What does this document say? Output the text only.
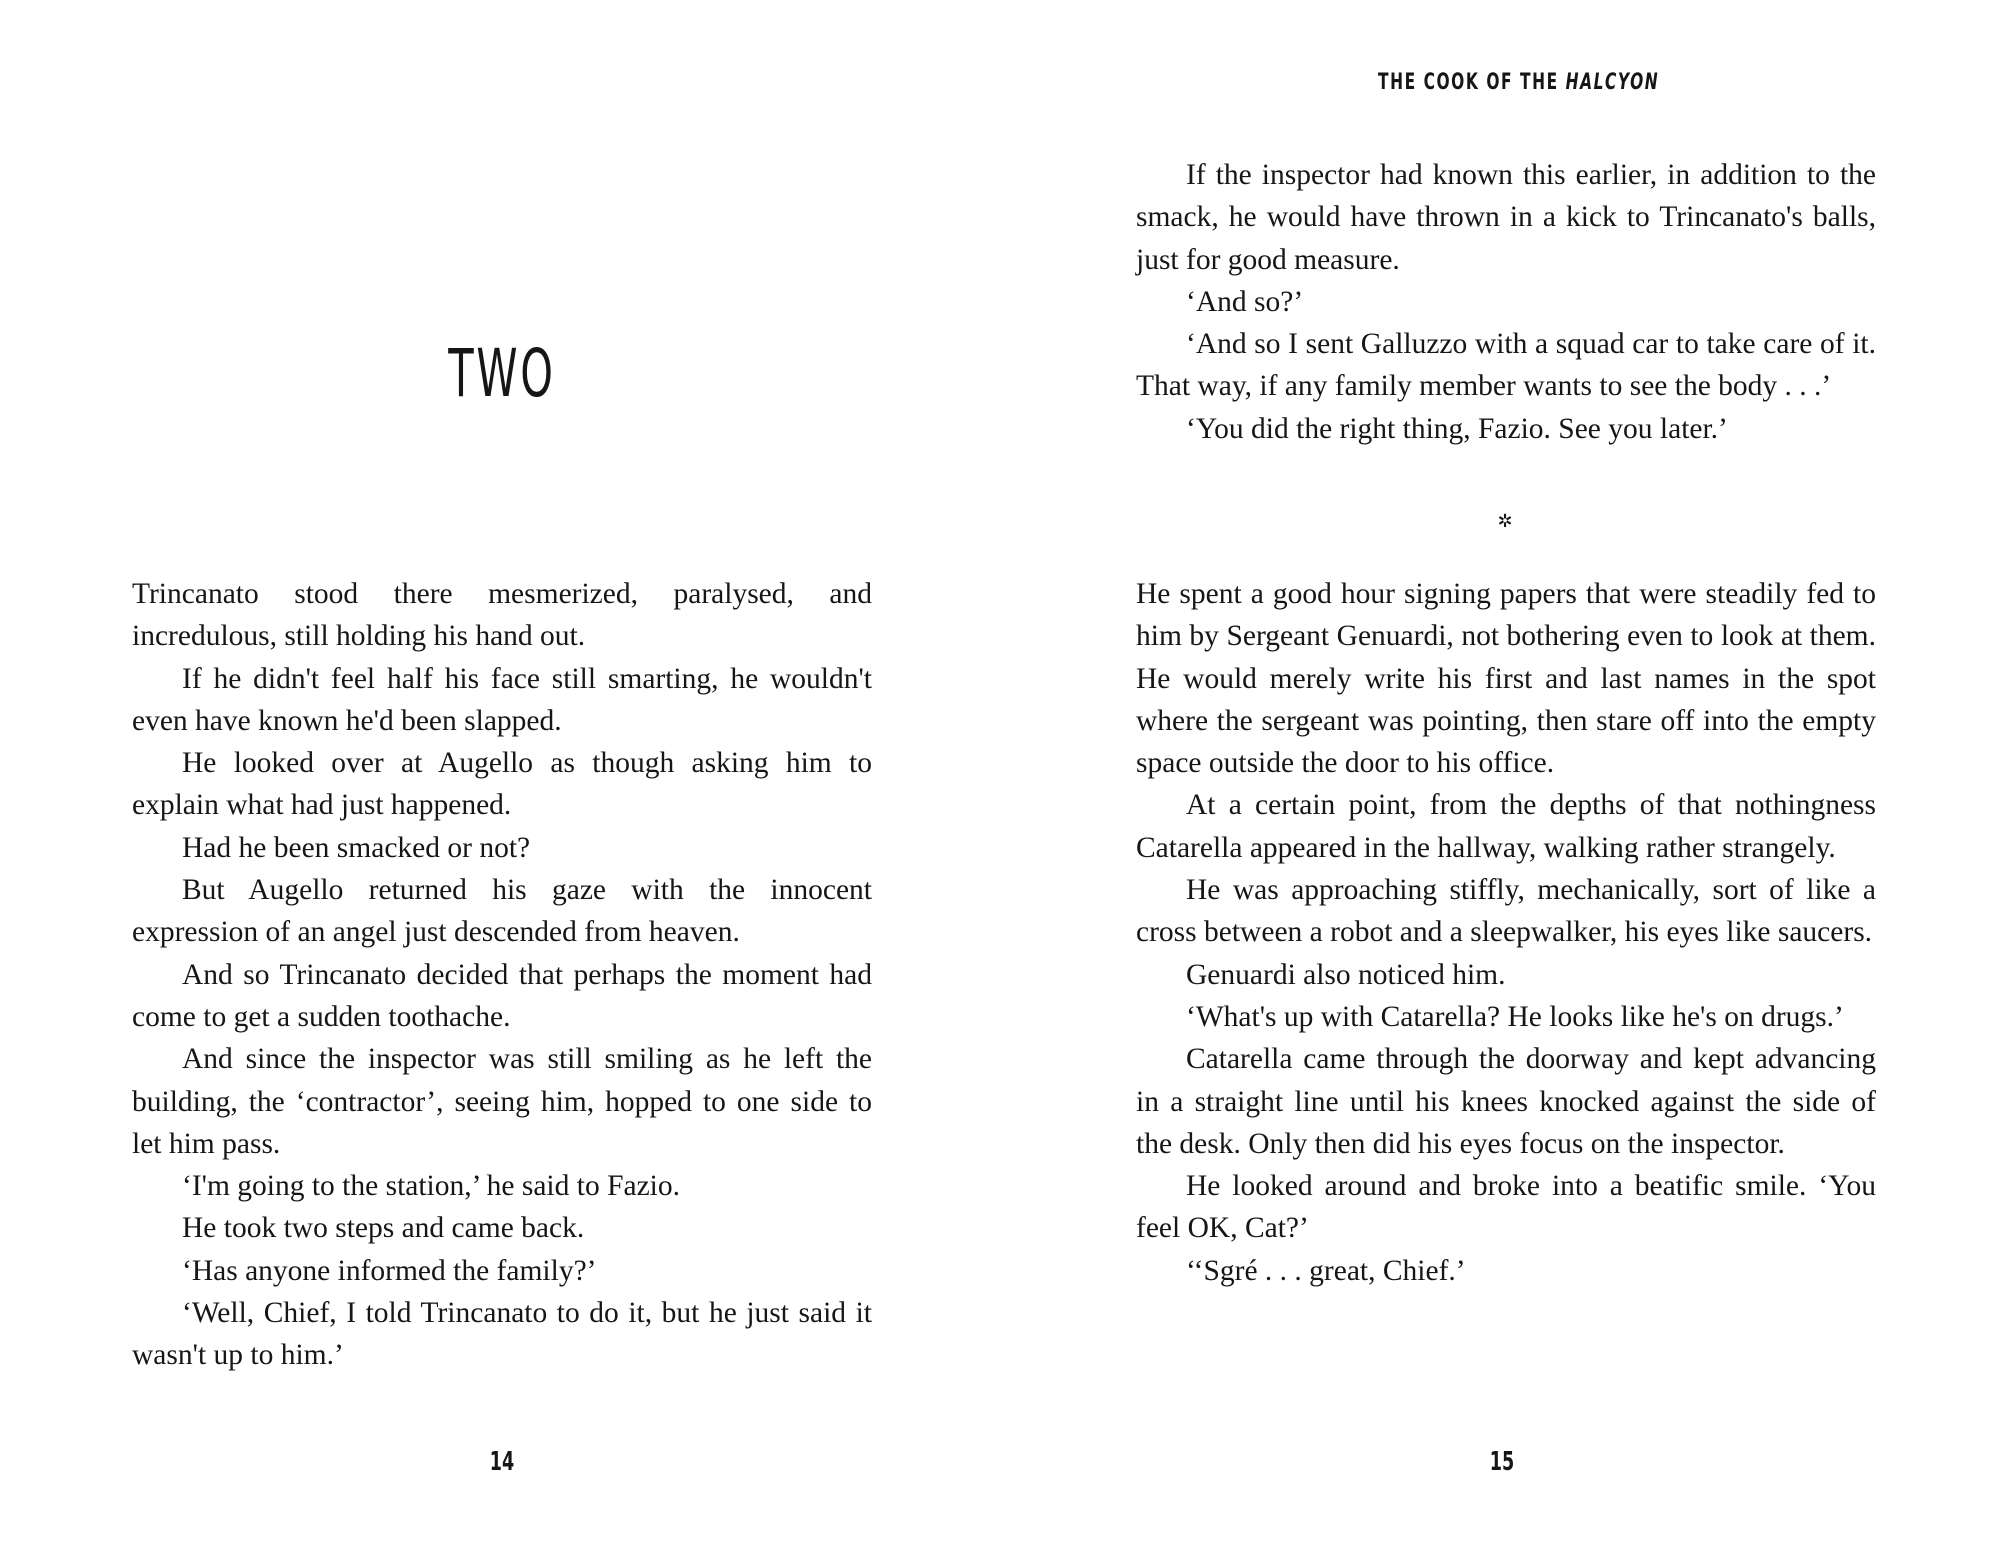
TWO

Trincanato stood there mesmerized, paralysed, and incredulous, still holding his hand out.

If he didn't feel half his face still smarting, he wouldn't even have known he'd been slapped.

He looked over at Augello as though asking him to explain what had just happened.

Had he been smacked or not?

But Augello returned his gaze with the innocent expression of an angel just descended from heaven.

And so Trincanato decided that perhaps the moment had come to get a sudden toothache.

And since the inspector was still smiling as he left the building, the ‘contractor’, seeing him, hopped to one side to let him pass.

‘I'm going to the station,’ he said to Fazio.

He took two steps and came back.

‘Has anyone informed the family?’

‘Well, Chief, I told Trincanato to do it, but he just said it wasn't up to him.’

14
THE COOK OF THE HALCYON

If the inspector had known this earlier, in addition to the smack, he would have thrown in a kick to Trincanato's balls, just for good measure.

‘And so?’

‘And so I sent Galluzzo with a squad car to take care of it. That way, if any family member wants to see the body . . .’

‘You did the right thing, Fazio. See you later.’

✲

He spent a good hour signing papers that were steadily fed to him by Sergeant Genuardi, not bothering even to look at them. He would merely write his first and last names in the spot where the sergeant was pointing, then stare off into the empty space outside the door to his office.

At a certain point, from the depths of that nothingness Catarella appeared in the hallway, walking rather strangely.

He was approaching stiffly, mechanically, sort of like a cross between a robot and a sleepwalker, his eyes like saucers.

Genuardi also noticed him.

‘What's up with Catarella? He looks like he's on drugs.’

Catarella came through the doorway and kept advancing in a straight line until his knees knocked against the side of the desk. Only then did his eyes focus on the inspector.

He looked around and broke into a beatific smile. ‘You feel OK, Cat?’

‘‘Sgré . . . great, Chief.’

15
